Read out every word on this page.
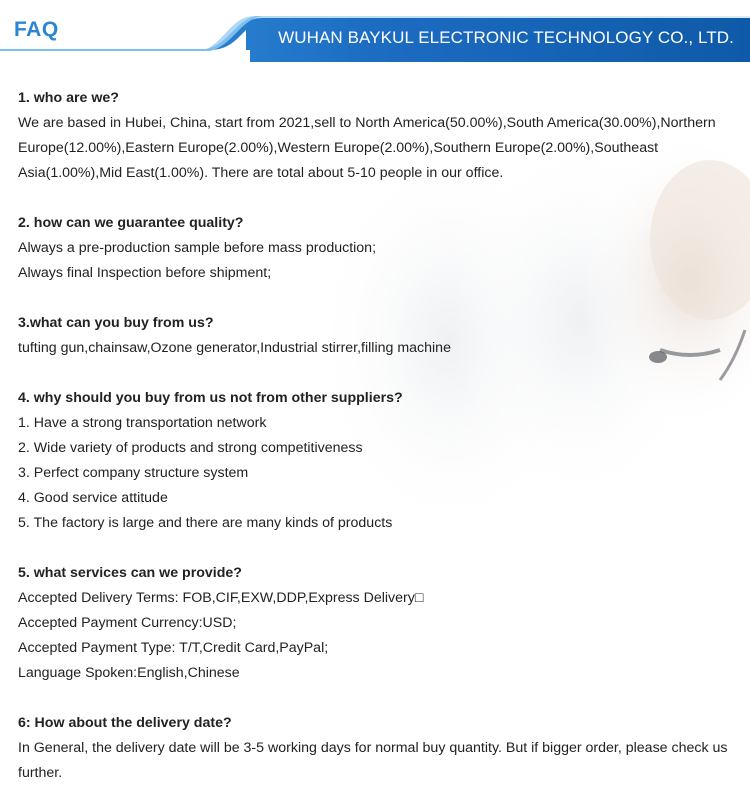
FAQ	WUHAN BAYKUL ELECTRONIC TECHNOLOGY CO., LTD.
1. who are we?
We are based in Hubei, China, start from 2021,sell to North America(50.00%),South America(30.00%),Northern Europe(12.00%),Eastern Europe(2.00%),Western Europe(2.00%),Southern Europe(2.00%),Southeast Asia(1.00%),Mid East(1.00%). There are total about 5-10 people in our office.
2. how can we guarantee quality?
Always a pre-production sample before mass production;
Always final Inspection before shipment;
3.what can you buy from us?
tufting gun,chainsaw,Ozone generator,Industrial stirrer,filling machine
4. why should you buy from us not from other suppliers?
1. Have a strong transportation network
2. Wide variety of products and strong competitiveness
3. Perfect company structure system
4. Good service attitude
5. The factory is large and there are many kinds of products
5. what services can we provide?
Accepted Delivery Terms: FOB,CIF,EXW,DDP,Express Delivery□
Accepted Payment Currency:USD;
Accepted Payment Type: T/T,Credit Card,PayPal;
Language Spoken:English,Chinese
6: How about the delivery date?
In General, the delivery date will be 3-5 working days for normal buy quantity. But if bigger order, please check us further.
